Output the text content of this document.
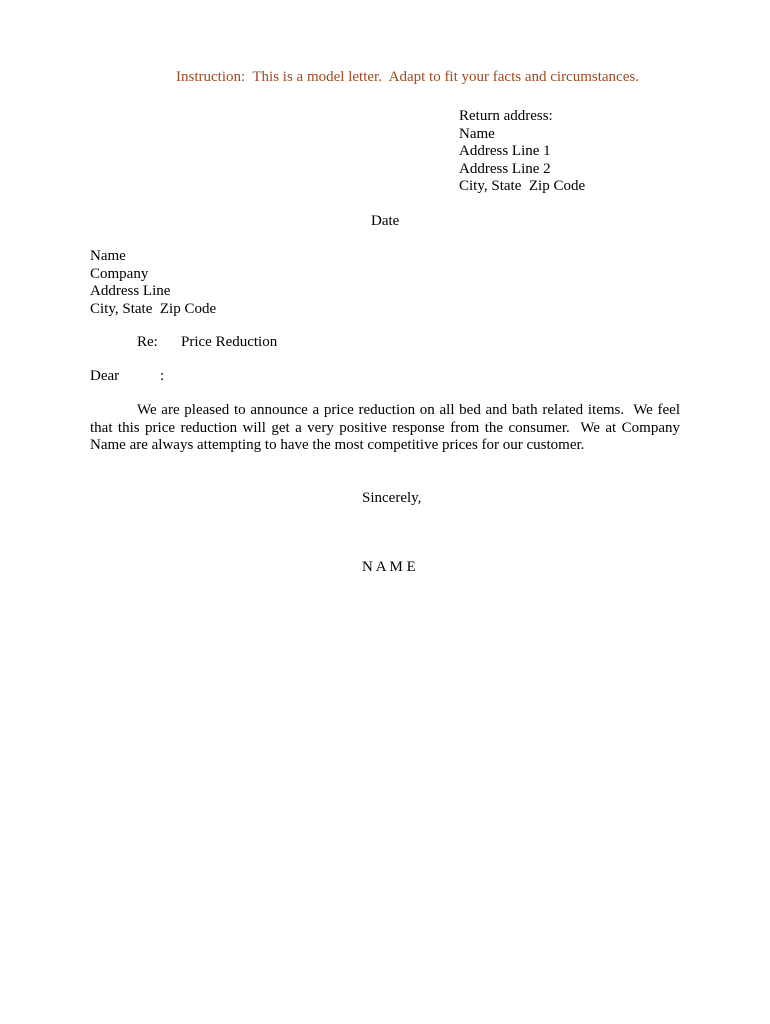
Instruction:  This is a model letter.  Adapt to fit your facts and circumstances.
Return address:
Name
Address Line 1
Address Line 2
City, State  Zip Code
Date
Name
Company
Address Line
City, State  Zip Code
Re: Price Reduction
Dear	:
We are pleased to announce a price reduction on all bed and bath related items.  We feel
that this price reduction will get a very positive response from the consumer.  We at Company
Name are always attempting to have the most competitive prices for our customer.
Sincerely,
N A M E
